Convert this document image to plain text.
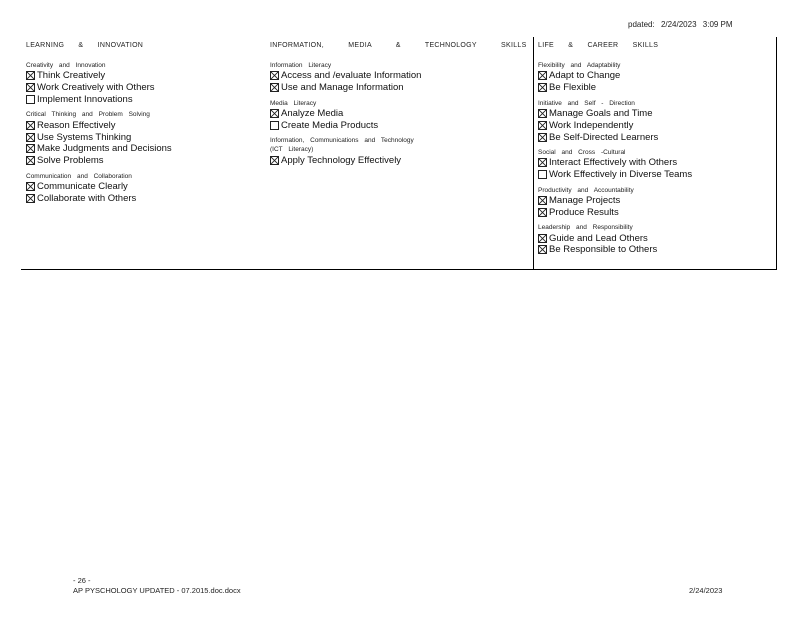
pdated: 2/24/2023 3:09 PM
LEARNING & INNOVATION
Creativity and Innovation
Think Creatively
Work Creatively with Others
Implement Innovations
Critical Thinking and Problem Solving
Reason Effectively
Use Systems Thinking
Make Judgments and Decisions
Solve Problems
Communication and Collaboration
Communicate Clearly
Collaborate with Others
INFORMATION, MEDIA & TECHNOLOGY SKILLS
Information Literacy
Access and /evaluate Information
Use and Manage Information
Media Literacy
Analyze Media
Create Media Products
Information, Communications and Technology
(ICT Literacy)
Apply Technology Effectively
LIFE & CAREER SKILLS
Flexibility and Adaptability
Adapt to Change
Be Flexible
Initiative and Self - Direction
Manage Goals and Time
Work Independently
Be Self-Directed Learners
Social and Cross -Cultural
Interact Effectively with Others
Work Effectively in Diverse Teams
Productivity and Accountability
Manage Projects
Produce Results
Leadership and Responsibility
Guide and Lead Others
Be Responsible to Others
- 26 -
AP PYSCHOLOGY UPDATED - 07.2015.doc.docx	2/24/2023
